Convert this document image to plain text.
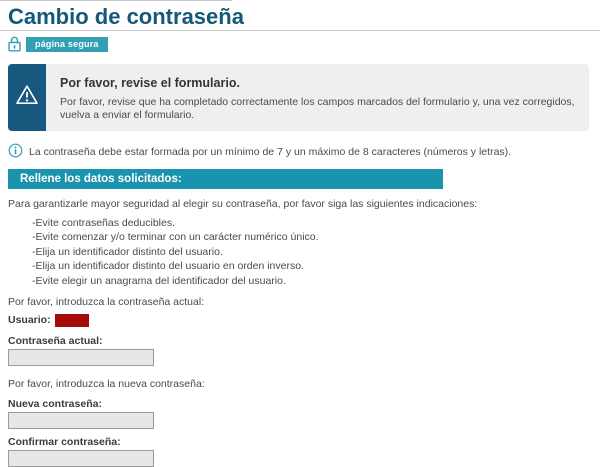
Cambio de contraseña
página segura
Por favor, revise el formulario.
Por favor, revise que ha completado correctamente los campos marcados del formulario y, una vez corregidos, vuelva a enviar el formulario.
La contraseña debe estar formada por un mínimo de 7 y un máximo de 8 caracteres (números y letras).
Rellene los datos solicitados:
Para garantizarle mayor seguridad al elegir su contraseña, por favor siga las siguientes indicaciones:
-Evite contraseñas deducibles.
-Evite comenzar y/o terminar con un carácter numérico único.
-Elija un identificador distinto del usuario.
-Elija un identificador distinto del usuario en orden inverso.
-Evite elegir un anagrama del identificador del usuario.
Por favor, introduzca la contraseña actual:
Usuario:
Contraseña actual:
Por favor, introduzca la nueva contraseña:
Nueva contraseña:
Confirmar contraseña:
